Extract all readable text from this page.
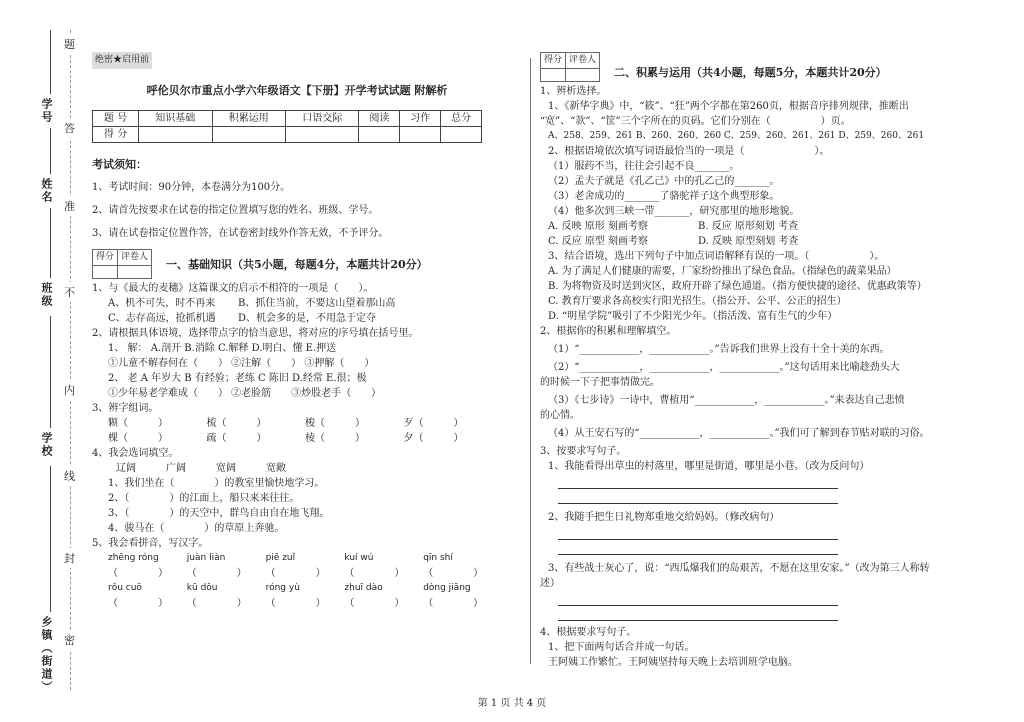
学号
姓名
班级
学校
乡镇（街道）
题
答
准
不
内
线
封
密
绝密★启用前
呼伦贝尔市重点小学六年级语文【下册】开学考试试题 附解析
题 号	知识基础	积累运用	口语交际	阅读	习作	总分
得 分						
考试须知：

1、考试时间：90分钟，本卷满分为100分。

2、请首先按要求在试卷的指定位置填写您的姓名、班级、学号。

3、请在试卷指定位置作答，在试卷密封线外作答无效，不予评分。

得分	评卷人

一、基础知识（共5小题，每题4分，本题共计20分）

1、与《最大的麦穗》这篇课文的启示不相符的一项是（　　）。

A、机不可失，时不再来	B、抓住当前，不要这山望着那山高
C、志存高远，抢抓机遇	D、机会多的是，不用急于定夺

2、请根据具体语境，选择带点字的恰当意思，将对应的序号填在括号里。

1、 解： A.剖开 B.消除 C.解释 D.明白、懂 E.押送

①儿童不解春何在（　　） ②注解（　　） ③押解（　　）

2、 老 A 年岁大 B 有经验；老练 C 陈旧 D.经常 E.很；极

①少年易老学难成（　　） ②老脸筋　　③炒股老手（　　）

3、辨字组词。

颗（　　　）	梳（　　　）	梭（　　　）	歹（　　　）
棵（　　　）	疏（　　　）	棱（　　　）	夕（　　　）

4、我会选词填空。

辽阔　　　广阔　　　宽阔　　　宽敞

1、我们坐在（　　　　）的教室里愉快地学习。

2、（　　　　）的江面上，船只来来往往。

3、（　　　　）的天空中，群鸟自由自在地飞翔。

4、骏马在（　　　　）的草原上奔驰。

5、我会看拼音，写汉字。

zhēng róng	juàn liàn	piē zuǐ	kuí wú	qīn shí
（　　　　）	（　　　　）	（　　　　）	（　　　　）	（　　　　）
rǒu cuō	kū dǒu	róng yù	zhuī dào	dòng jiāng
（　　　　）	（　　　　）	（　　　　）	（　　　　）	（　　　　）
得分	评卷人

二、积累与运用（共4小题，每题5分，本题共计20分）

1、辨析选择。

1、《新华字典》中，“筱”、“狂”两个字都在第260页，根据音序排列规律，推断出

“宽”、“款”、“筐”三个字所在的页码。它们分别在（　　　　　）页。

A、258、259、261 B、260、260、260 C、259、260、261、261 D、259、260、261

2、根据语境依次填写词语最恰当的一项是（　　　　　　　）。

（1）服药不当，往往会引起不良_______。

（2）孟夫子就是《孔乙己》中的孔乙己的_______。

（3）老舍成功的_______了骆驼祥子这个典型形象。

（4）他多次到三峡一带_______，研究那里的地形地貌。

A. 反映 原形 刻画考察	B. 反应 原形刻划 考查
C. 反应 原型 刻画考察	D. 反映 原型刻划 考查

3、结合语境，选出下列句子中加点词语解释有误的一项。（　　　　　　）。

A. 为了满足人们健康的需要，厂家纷纷推出了绿色食品。（指绿色的蔬菜果品）

B. 为将物资及时送到灾区，政府开辟了绿色通道。（指方便快捷的途径、优惠政策等）

C. 教育厅要求各高校实行阳光招生。（指公开、公平、公正的招生）

D. “明星学院”吸引了不少阳光少年。（指活泼、富有生气的少年）

2、根据你的积累和理解填空。

（1）“____________，____________。”告诉我们世界上没有十全十美的东西。

（2）“____________，____________，____________。”这句话用来比喻趁劲头大

的时候一下子把事情做完。

（3）《七步诗》一诗中，曹植用“____________，____________。”来表达自己悲愤

的心情。

（4）从王安石写的“____________，____________。”我们可了解到春节贴对联的习俗。

3、按要求写句子。

1、我能看得出草虫的村落里，哪里是街道，哪里是小巷。（改为反问句）

2、我随手把生日礼物郑重地交给妈妈。（修改病句）

3、有些战士灰心了，说：“西瓜爆我们的岛艰苦，不愿在这里安家。”（改为第三人称转

述）

4、根据要求写句子。

1、把下面两句话合并成一句话。

王阿姨工作繁忙。王阿姨坚持每天晚上去培训班学电脑。

第 1 页 共 4 页
